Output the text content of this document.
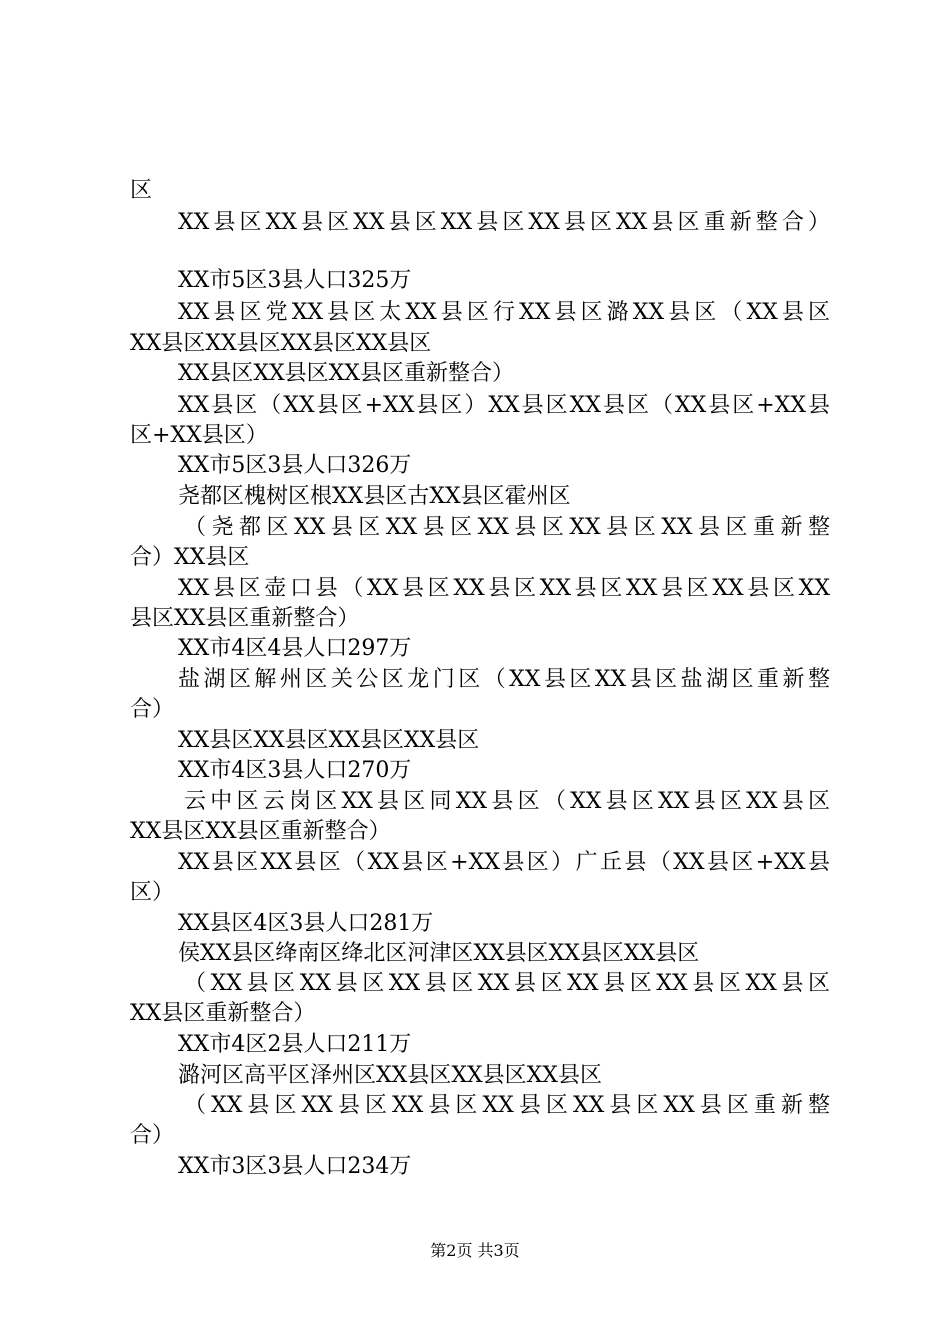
区
XX县区XX县区XX县区XX县区XX县区XX县区重新整合）
XX市5区3县人口325万
XX县区党XX县区太XX县区行XX县区潞XX县区（XX县区
XX县区XX县区XX县区XX县区
XX县区XX县区XX县区重新整合）
XX县区（XX县区+XX县区）XX县区XX县区（XX县区+XX县
区+XX县区）
XX市5区3县人口326万
尧都区槐树区根XX县区古XX县区霍州区
（尧都区XX县区XX县区XX县区XX县区XX县区重新整
合）XX县区
XX县区壶口县（XX县区XX县区XX县区XX县区XX县区XX
县区XX县区重新整合）
XX市4区4县人口297万
盐湖区解州区关公区龙门区（XX县区XX县区盐湖区重新整
合）
XX县区XX县区XX县区XX县区
XX市4区3县人口270万
云中区云岗区XX县区同XX县区（XX县区XX县区XX县区
XX县区XX县区重新整合）
XX县区XX县区（XX县区+XX县区）广丘县（XX县区+XX县
区）
XX县区4区3县人口281万
侯XX县区绛南区绛北区河津区XX县区XX县区XX县区
（XX县区XX县区XX县区XX县区XX县区XX县区XX县区
XX县区重新整合）
XX市4区2县人口211万
潞河区高平区泽州区XX县区XX县区XX县区
（XX县区XX县区XX县区XX县区XX县区XX县区重新整
合）
XX市3区3县人口234万
第2页 共3页
